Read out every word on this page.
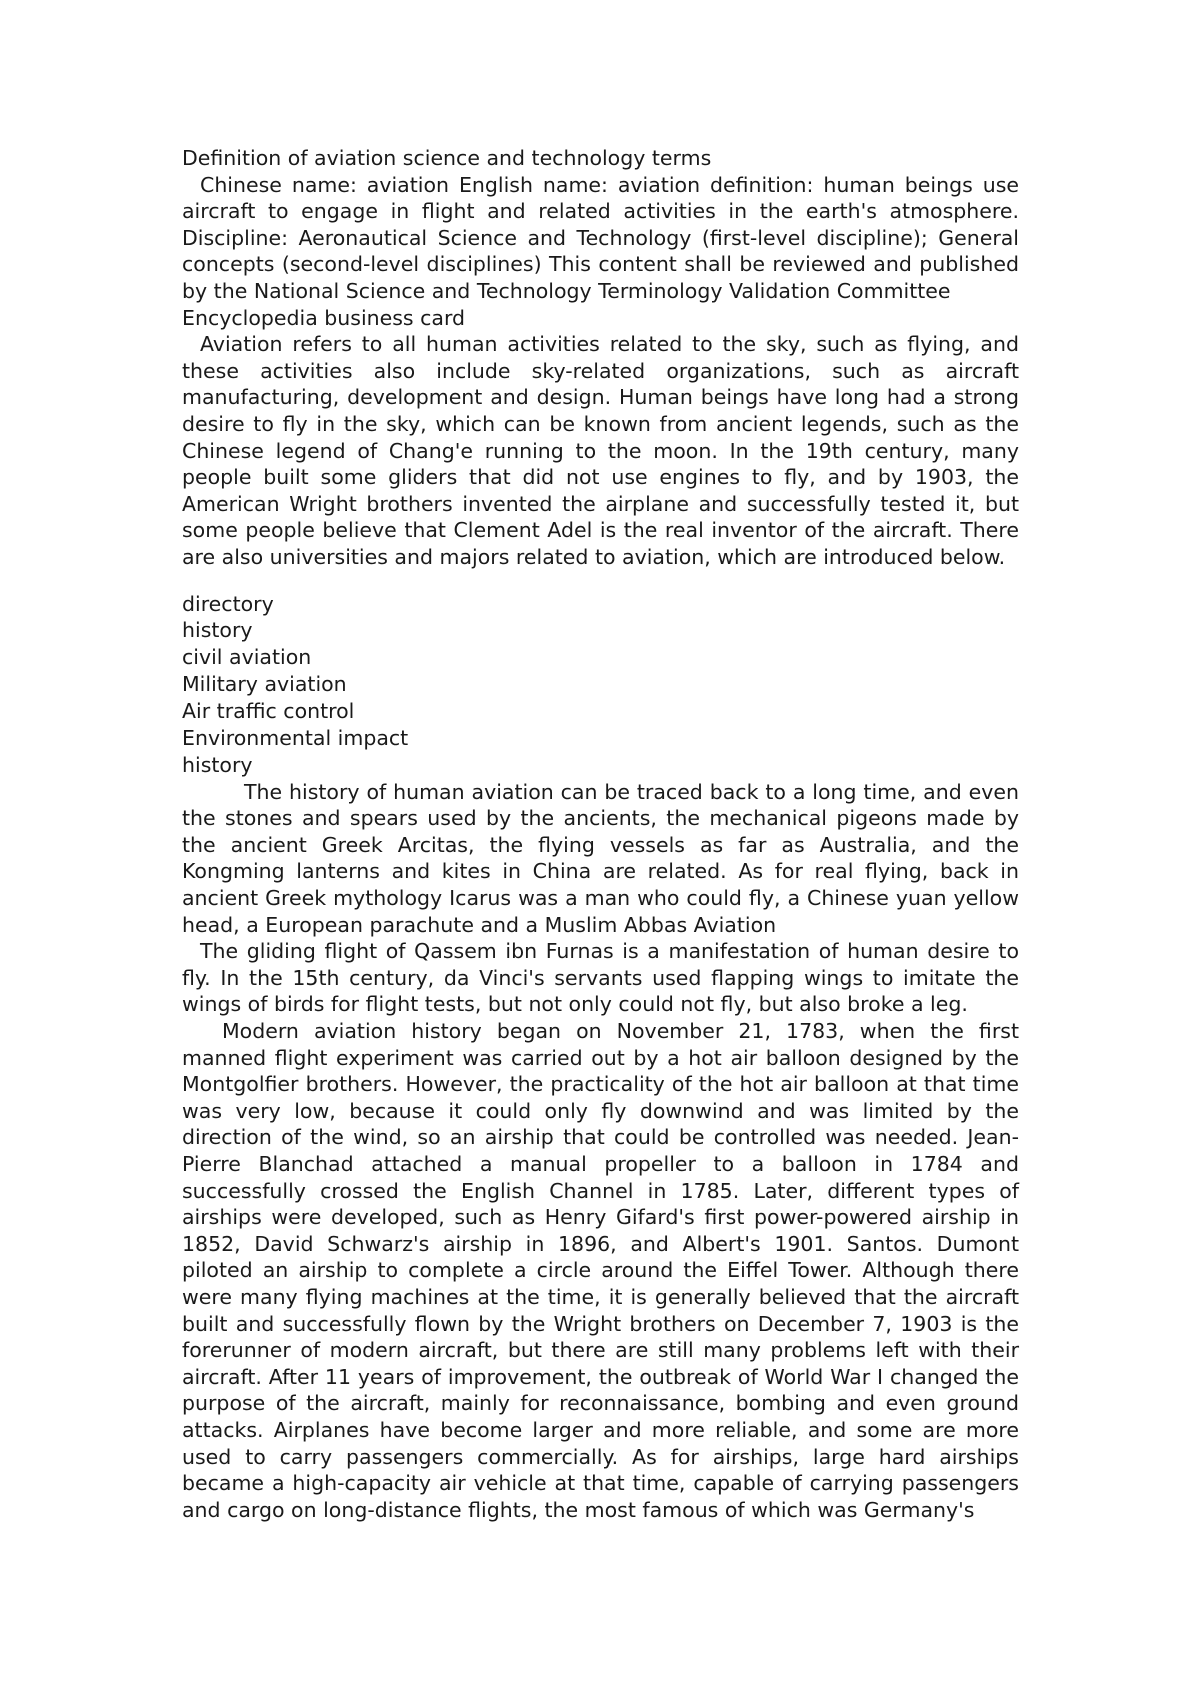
Definition of aviation science and technology terms

Chinese name: aviation English name: aviation definition: human beings use aircraft to engage in flight and related activities in the earth's atmosphere. Discipline: Aeronautical Science and Technology (first-level discipline); General concepts (second-level disciplines) This content shall be reviewed and published by the National Science and Technology Terminology Validation Committee

Encyclopedia business card

Aviation refers to all human activities related to the sky, such as flying, and these activities also include sky-related organizations, such as aircraft manufacturing, development and design. Human beings have long had a strong desire to fly in the sky, which can be known from ancient legends, such as the Chinese legend of Chang'e running to the moon. In the 19th century, many people built some gliders that did not use engines to fly, and by 1903, the American Wright brothers invented the airplane and successfully tested it, but some people believe that Clement Adel is the real inventor of the aircraft. There are also universities and majors related to aviation, which are introduced below.

directory

history
civil aviation
Military aviation
Air traffic control
Environmental impact

history

The history of human aviation can be traced back to a long time, and even the stones and spears used by the ancients, the mechanical pigeons made by the ancient Greek Arcitas, the flying vessels as far as Australia, and the Kongming lanterns and kites in China are related. As for real flying, back in ancient Greek mythology Icarus was a man who could fly, a Chinese yuan yellow head, a European parachute and a Muslim Abbas Aviation

The gliding flight of Qassem ibn Furnas is a manifestation of human desire to fly. In the 15th century, da Vinci's servants used flapping wings to imitate the wings of birds for flight tests, but not only could not fly, but also broke a leg.

Modern aviation history began on November 21, 1783, when the first manned flight experiment was carried out by a hot air balloon designed by the Montgolfier brothers. However, the practicality of the hot air balloon at that time was very low, because it could only fly downwind and was limited by the direction of the wind, so an airship that could be controlled was needed. Jean-Pierre Blanchad attached a manual propeller to a balloon in 1784 and successfully crossed the English Channel in 1785. Later, different types of airships were developed, such as Henry Gifard's first power-powered airship in 1852, David Schwarz's airship in 1896, and Albert's 1901. Santos. Dumont piloted an airship to complete a circle around the Eiffel Tower. Although there were many flying machines at the time, it is generally believed that the aircraft built and successfully flown by the Wright brothers on December 7, 1903 is the forerunner of modern aircraft, but there are still many problems left with their aircraft. After 11 years of improvement, the outbreak of World War I changed the purpose of the aircraft, mainly for reconnaissance, bombing and even ground attacks. Airplanes have become larger and more reliable, and some are more used to carry passengers commercially. As for airships, large hard airships became a high-capacity air vehicle at that time, capable of carrying passengers and cargo on long-distance flights, the most famous of which was Germany's
